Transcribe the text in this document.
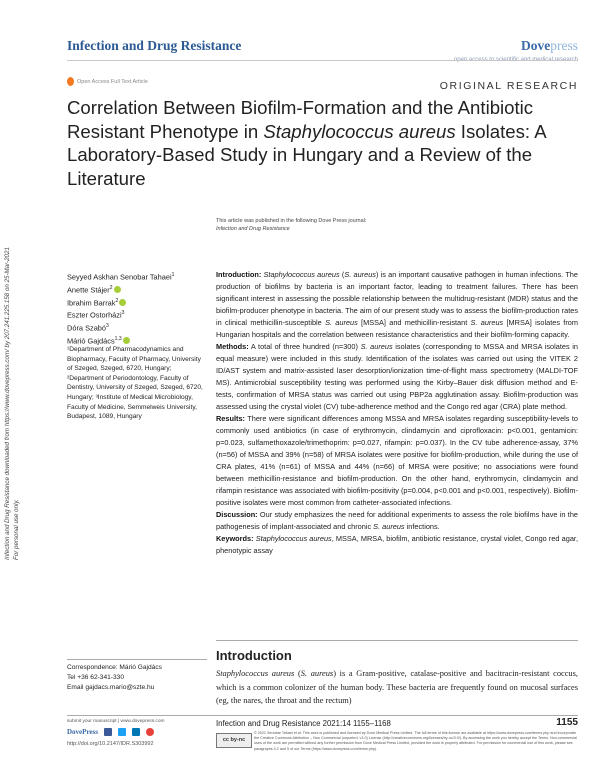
Infection and Drug Resistance	Dovepress
open access to scientific and medical research
Open Access Full Text Article	ORIGINAL RESEARCH
Correlation Between Biofilm-Formation and the Antibiotic Resistant Phenotype in Staphylococcus aureus Isolates: A Laboratory-Based Study in Hungary and a Review of the Literature
Infection and Drug Resistance downloaded from https://www.dovepress.com/ by 207.241.225.158 on 25-Mar-2021 For personal use only.
This article was published in the following Dove Press journal:
Infection and Drug Resistance
Seyyed Askhan Senobar Tahaei$^1$
Anette Stájer$^2$
Ibrahim Barrak$^2$
Eszter Ostorházi$^3$
Dóra Szabó$^3$
Márió Gajdács$^{1,3}$
¹Department of Pharmacodynamics and Biopharmacy, Faculty of Pharmacy, University of Szeged, Szeged, 6720, Hungary; ²Department of Periodontology, Faculty of Dentistry, University of Szeged, Szeged, 6720, Hungary; ³Institute of Medical Microbiology, Faculty of Medicine, Semmelweis University, Budapest, 1089, Hungary
Introduction: Staphylococcus aureus (S. aureus) is an important causative pathogen in human infections. The production of biofilms by bacteria is an important factor, leading to treatment failures. There has been significant interest in assessing the possible relationship between the multidrug-resistant (MDR) status and the biofilm-producer phenotype in bacteria. The aim of our present study was to assess the biofilm-production rates in clinical methicillin-susceptible S. aureus [MSSA] and methicillin-resistant S. aureus [MRSA] isolates from Hungarian hospitals and the correlation between resistance characteristics and their biofilm-forming capacity.
Methods: A total of three hundred (n=300) S. aureus isolates (corresponding to MSSA and MRSA isolates in equal measure) were included in this study. Identification of the isolates was carried out using the VITEK 2 ID/AST system and matrix-assisted laser desorption/ionization time-of-flight mass spectrometry (MALDI-TOF MS). Antimicrobial susceptibility testing was performed using the Kirby–Bauer disk diffusion method and E-tests, confirmation of MRSA status was carried out using PBP2a agglutination assay. Biofilm-production was assessed using the crystal violet (CV) tube-adherence method and the Congo red agar (CRA) plate method.
Results: There were significant differences among MSSA and MRSA isolates regarding susceptibility-levels to commonly used antibiotics (in case of erythromycin, clindamycin and ciprofloxacin: p<0.001, gentamicin: p=0.023, sulfamethoxazole/trimethoprim: p=0.027, rifampin: p=0.037). In the CV tube adherence-assay, 37% (n=56) of MSSA and 39% (n=58) of MRSA isolates were positive for biofilm-production, while during the use of CRA plates, 41% (n=61) of MSSA and 44% (n=66) of MRSA were positive; no associations were found between methicillin-resistance and biofilm-production. On the other hand, erythromycin, clindamycin and rifampin resistance was associated with biofilm-positivity (p=0.004, p<0.001 and p<0.001, respectively). Biofilm-positive isolates were most common from catheter-associated infections.
Discussion: Our study emphasizes the need for additional experiments to assess the role biofilms have in the pathogenesis of implant-associated and chronic S. aureus infections.
Keywords: Staphylococcus aureus, MSSA, MRSA, biofilm, antibiotic resistance, crystal violet, Congo red agar, phenotypic assay
Correspondence: Márió Gajdács
Tel +36 62-341-330
Email gajdacs.mario@szte.hu
Introduction
Staphylococcus aureus (S. aureus) is a Gram-positive, catalase-positive and bacitracin-resistant coccus, which is a common colonizer of the human body. These bacteria are frequently found on mucosal surfaces (eg, the nares, the throat and the rectum)
submit your manuscript | www.dovepress.com
DovePress
http://doi.org/10.2147/IDR.S303992
Infection and Drug Resistance 2021:14 1155–1168	1155
cc by-nc
© 2021 Senobar Tahaei et al. This work is published and licensed by Dove Medical Press Limited. The full terms of this license are available at https://www.dovepress.com/terms.php and incorporate the Creative Commons Attribution – Non Commercial (unported, v3.0) License (http://creativecommons.org/licenses/by-nc/3.0/). By accessing the work you hereby accept the Terms. Non-commercial uses of the work are permitted without any further permission from Dove Medical Press Limited, provided the work is properly attributed. For permission for commercial use of this work, please see paragraphs 4.2 and 5 of our Terms (https://www.dovepress.com/terms.php).
